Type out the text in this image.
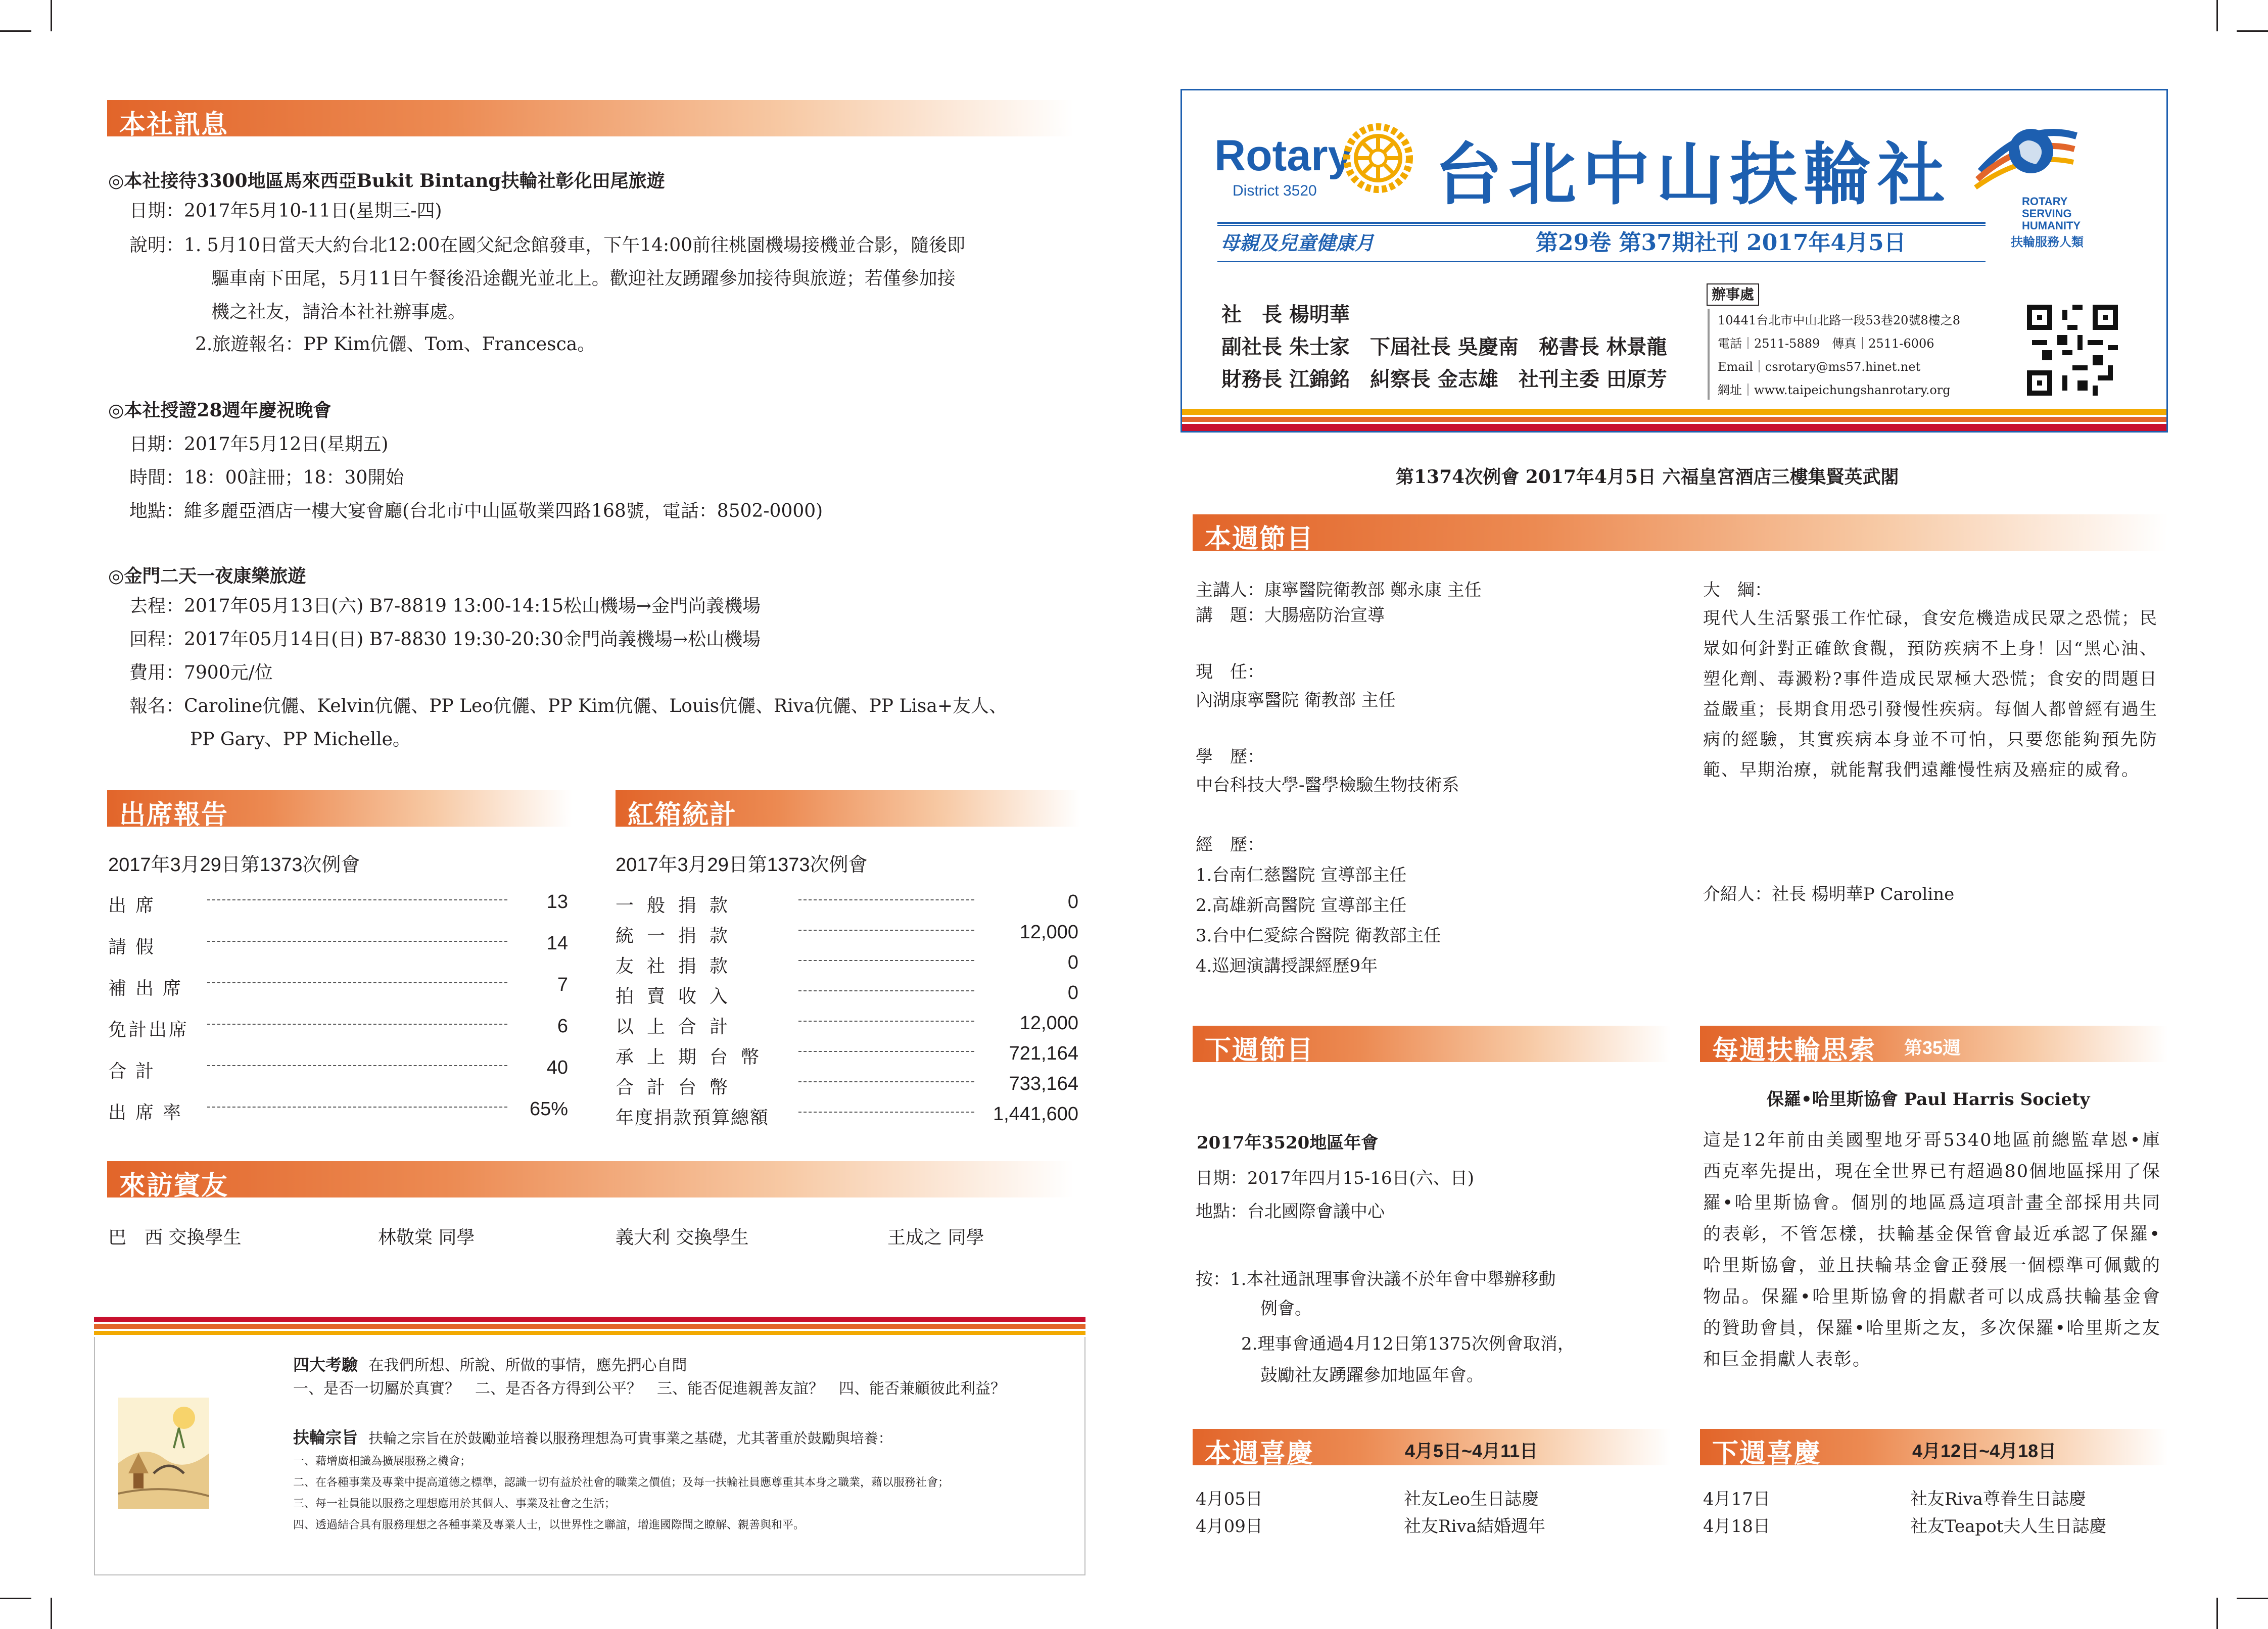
本社訊息
◎本社接待3300地區馬來西亞Bukit Bintang扶輪社彰化田尾旅遊
日期：2017年5月10-11日(星期三-四)
說明：1. 5月10日當天大約台北12:00在國父紀念館發車，下午14:00前往桃園機場接機並合影，隨後即
驅車南下田尾，5月11日午餐後沿途觀光並北上。歡迎社友踴躍參加接待與旅遊；若僅參加接
機之社友，請洽本社社辦事處。
2.旅遊報名：PP Kim伉儷、Tom、Francesca。
◎本社授證28週年慶祝晚會
日期：2017年5月12日(星期五)
時間：18：00註冊；18：30開始
地點：維多麗亞酒店一樓大宴會廳(台北市中山區敬業四路168號，電話：8502-0000)
◎金門二天一夜康樂旅遊
去程：2017年05月13日(六) B7-8819 13:00-14:15松山機場→金門尚義機場
回程：2017年05月14日(日) B7-8830 19:30-20:30金門尚義機場→松山機場
費用：7900元/位
報名：Caroline伉儷、Kelvin伉儷、PP Leo伉儷、PP Kim伉儷、Louis伉儷、Riva伉儷、PP Lisa+友人、
PP Gary、PP Michelle。
出席報告
2017年3月29日第1373次例會
出席	13
請假	14
補出席	7
免計出席	6
合計	40
出席率	65%
紅箱統計
2017年3月29日第1373次例會
一般捐款	0
統一捐款	12,000
友社捐款	0
拍賣收入	0
以上合計	12,000
承上期台幣	721,164
合計台幣	733,164
年度捐款預算總額	1,441,600
來訪賓友
巴　西 交換學生	林敬棠 同學	義大利 交換學生	王成之 同學
四大考驗 在我們所想、所說、所做的事情，應先捫心自問
一、是否一切屬於真實？　二、是否各方得到公平？　三、能否促進親善友誼？　四、能否兼顧彼此利益？
扶輪宗旨 扶輪之宗旨在於鼓勵並培養以服務理想為可貴事業之基礎，尤其著重於鼓勵與培養：
一、藉增廣相識為擴展服務之機會；
二、在各種事業及專業中提高道德之標準，認識一切有益於社會的職業之價值；及每一扶輪社員應尊重其本身之職業，藉以服務社會；
三、每一社員能以服務之理想應用於其個人、事業及社會之生活；
四、透過結合具有服務理想之各種事業及專業人士，以世界性之聯誼，增進國際間之瞭解、親善與和平。
Rotary
District 3520 台北中山扶輪社	ROTARY
SERVING
HUMANITY
扶輪服務人類
母親及兒童健康月	第29卷 第37期社刊 2017年4月5日
社　長 楊明華
副社長 朱士家　下屆社長 吳慶南　秘書長 林景龍
財務長 江錦銘　糾察長 金志雄　社刊主委 田原芳
辦事處
10441台北市中山北路一段53巷20號8樓之8
電話｜2511-5889　傳真｜2511-6006
Email｜csrotary@ms57.hinet.net
網址｜www.taipeichungshanrotary.org
第1374次例會 2017年4月5日 六福皇宮酒店三樓集賢英武閣
本週節目
主講人：康寧醫院衛教部 鄭永康 主任
講　題：大腸癌防治宣導
現　任：
內湖康寧醫院 衛教部 主任
學　歷：
中台科技大學-醫學檢驗生物技術系
經　歷：
1.台南仁慈醫院 宣導部主任
2.高雄新高醫院 宣導部主任
3.台中仁愛綜合醫院 衛教部主任
4.巡迴演講授課經歷9年
大　綱：
現代人生活緊張工作忙碌，食安危機造成民眾之恐慌；民眾如何針對正確飲食觀，預防疾病不上身！因“黑心油、塑化劑、毒澱粉?事件造成民眾極大恐慌；食安的問題日益嚴重；長期食用恐引發慢性疾病。每個人都曾經有過生病的經驗，其實疾病本身並不可怕，只要您能夠預先防範、早期治療，就能幫我們遠離慢性病及癌症的威脅。
介紹人：社長 楊明華P Caroline
下週節目
2017年3520地區年會
日期：2017年四月15-16日(六、日)
地點：台北國際會議中心
按：1.本社通訊理事會決議不於年會中舉辦移動
例會。
2.理事會通過4月12日第1375次例會取消，
鼓勵社友踴躍參加地區年會。
每週扶輪思索 第35週
保羅•哈里斯協會 Paul Harris Society
這是12年前由美國聖地牙哥5340地區前總監韋恩•庫西克率先提出，現在全世界已有超過80個地區採用了保羅•哈里斯協會。個別的地區爲這項計畫全部採用共同的表彰，不管怎樣，扶輪基金保管會最近承認了保羅•哈里斯協會，並且扶輪基金會正發展一個標準可佩戴的物品。保羅•哈里斯協會的捐獻者可以成爲扶輪基金會的贊助會員，保羅•哈里斯之友，多次保羅•哈里斯之友和巨金捐獻人表彰。
本週喜慶	4月5日~4月11日
4月05日	社友Leo生日誌慶
4月09日	社友Riva結婚週年
下週喜慶	4月12日~4月18日
4月17日	社友Riva尊眷生日誌慶
4月18日	社友Teapot夫人生日誌慶
